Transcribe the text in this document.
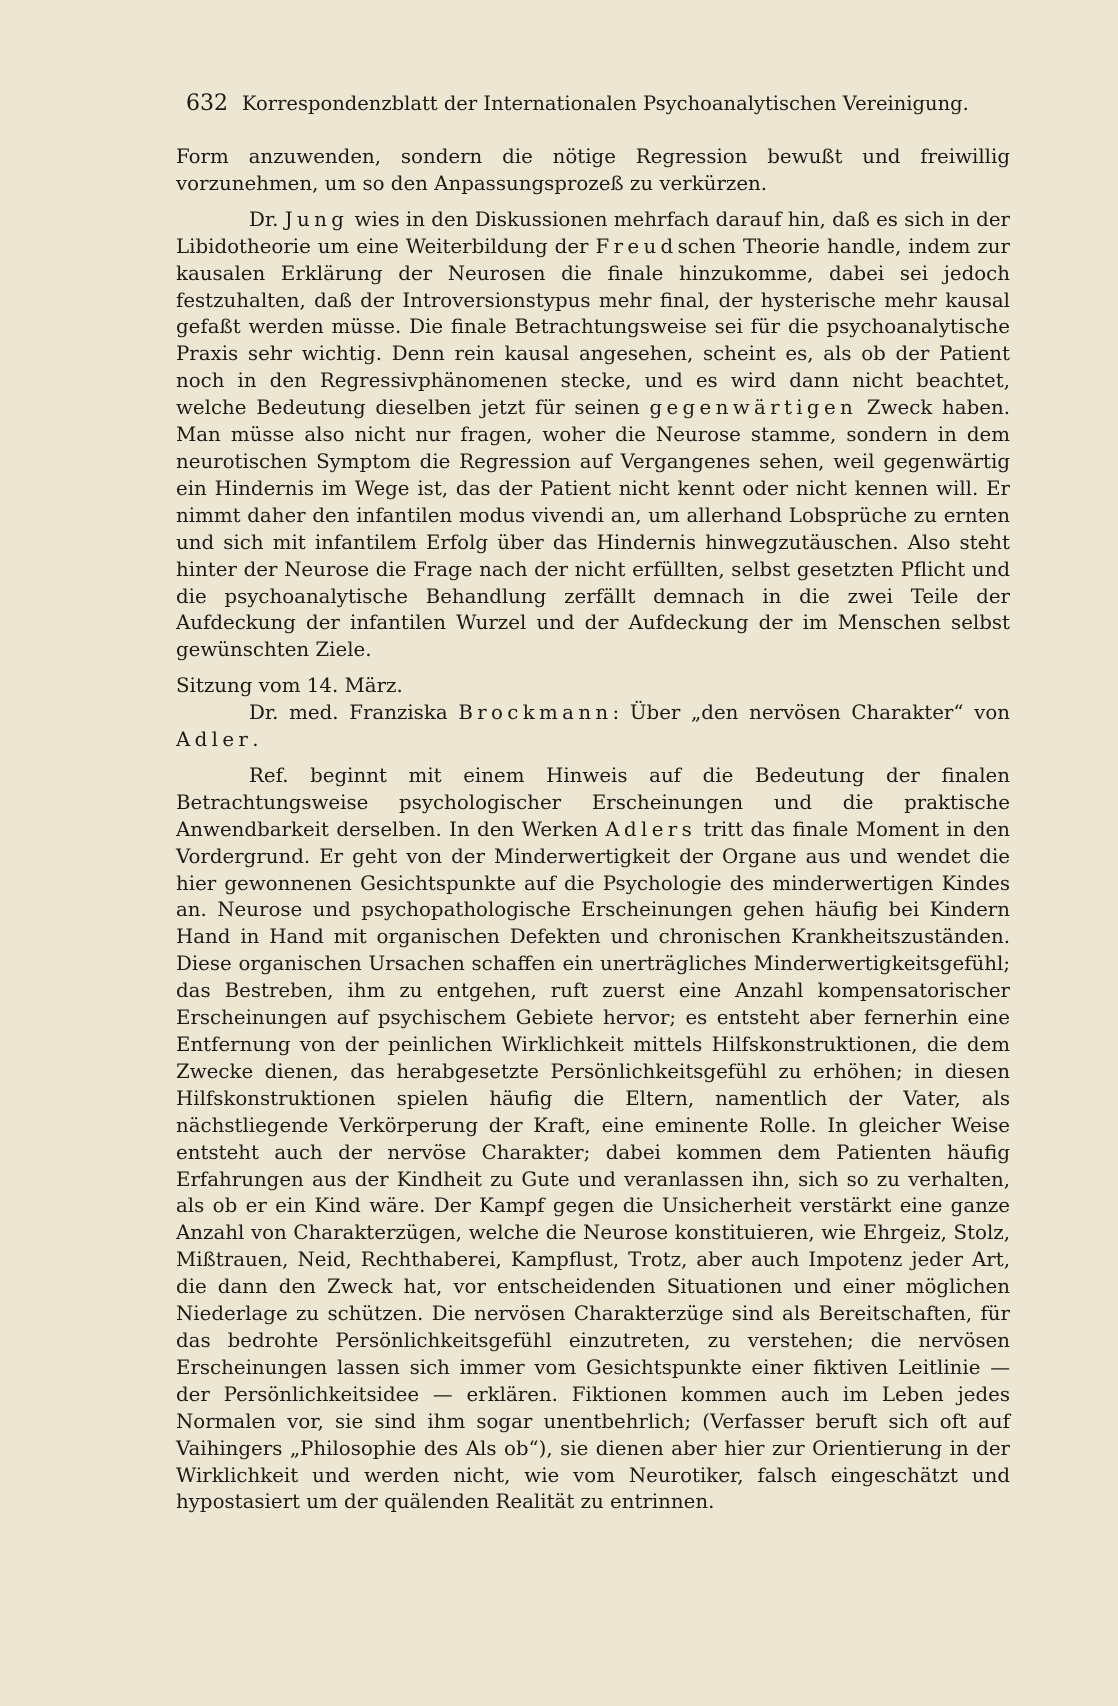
632 Korrespondenzblatt der Internationalen Psychoanalytischen Vereinigung.

Form anzuwenden, sondern die nötige Regression bewußt und freiwillig vorzunehmen, um so den Anpassungsprozeß zu verkürzen.

Dr. Jung wies in den Diskussionen mehrfach darauf hin, daß es sich in der Libidotheorie um eine Weiterbildung der Freudschen Theorie handle, indem zur kausalen Erklärung der Neurosen die finale hinzukomme, dabei sei jedoch festzuhalten, daß der Introversionstypus mehr final, der hysterische mehr kausal gefaßt werden müsse. Die finale Betrachtungsweise sei für die psychoanalytische Praxis sehr wichtig. Denn rein kausal angesehen, scheint es, als ob der Patient noch in den Regressivphänomenen stecke, und es wird dann nicht beachtet, welche Bedeutung dieselben jetzt für seinen gegenwärtigen Zweck haben. Man müsse also nicht nur fragen, woher die Neurose stamme, sondern in dem neurotischen Symptom die Regression auf Vergangenes sehen, weil gegenwärtig ein Hindernis im Wege ist, das der Patient nicht kennt oder nicht kennen will. Er nimmt daher den infantilen modus vivendi an, um allerhand Lobsprüche zu ernten und sich mit infantilem Erfolg über das Hindernis hinwegzutäuschen. Also steht hinter der Neurose die Frage nach der nicht erfüllten, selbst gesetzten Pflicht und die psychoanalytische Behandlung zerfällt demnach in die zwei Teile der Aufdeckung der infantilen Wurzel und der Aufdeckung der im Menschen selbst gewünschten Ziele.

Sitzung vom 14. März.

Dr. med. Franziska Brockmann: Über „den nervösen Charakter“ von Adler.

Ref. beginnt mit einem Hinweis auf die Bedeutung der finalen Betrachtungsweise psychologischer Erscheinungen und die praktische Anwendbarkeit derselben. In den Werken Adlers tritt das finale Moment in den Vordergrund. Er geht von der Minderwertigkeit der Organe aus und wendet die hier gewonnenen Gesichtspunkte auf die Psychologie des minderwertigen Kindes an. Neurose und psychopathologische Erscheinungen gehen häufig bei Kindern Hand in Hand mit organischen Defekten und chronischen Krankheitszuständen. Diese organischen Ursachen schaffen ein unerträgliches Minderwertigkeitsgefühl; das Bestreben, ihm zu entgehen, ruft zuerst eine Anzahl kompensatorischer Erscheinungen auf psychischem Gebiete hervor; es entsteht aber fernerhin eine Entfernung von der peinlichen Wirklichkeit mittels Hilfskonstruktionen, die dem Zwecke dienen, das herabgesetzte Persönlichkeitsgefühl zu erhöhen; in diesen Hilfskonstruktionen spielen häufig die Eltern, namentlich der Vater, als nächstliegende Verkörperung der Kraft, eine eminente Rolle. In gleicher Weise entsteht auch der nervöse Charakter; dabei kommen dem Patienten häufig Erfahrungen aus der Kindheit zu Gute und veranlassen ihn, sich so zu verhalten, als ob er ein Kind wäre. Der Kampf gegen die Unsicherheit verstärkt eine ganze Anzahl von Charakterzügen, welche die Neurose konstituieren, wie Ehrgeiz, Stolz, Mißtrauen, Neid, Rechthaberei, Kampflust, Trotz, aber auch Impotenz jeder Art, die dann den Zweck hat, vor entscheidenden Situationen und einer möglichen Niederlage zu schützen. Die nervösen Charakterzüge sind als Bereitschaften, für das bedrohte Persönlichkeitsgefühl einzutreten, zu verstehen; die nervösen Erscheinungen lassen sich immer vom Gesichtspunkte einer fiktiven Leitlinie — der Persönlichkeitsidee — erklären. Fiktionen kommen auch im Leben jedes Normalen vor, sie sind ihm sogar unentbehrlich; (Verfasser beruft sich oft auf Vaihingers „Philosophie des Als ob“), sie dienen aber hier zur Orientierung in der Wirklichkeit und werden nicht, wie vom Neurotiker, falsch eingeschätzt und hypostasiert um der quälenden Realität zu entrinnen.
